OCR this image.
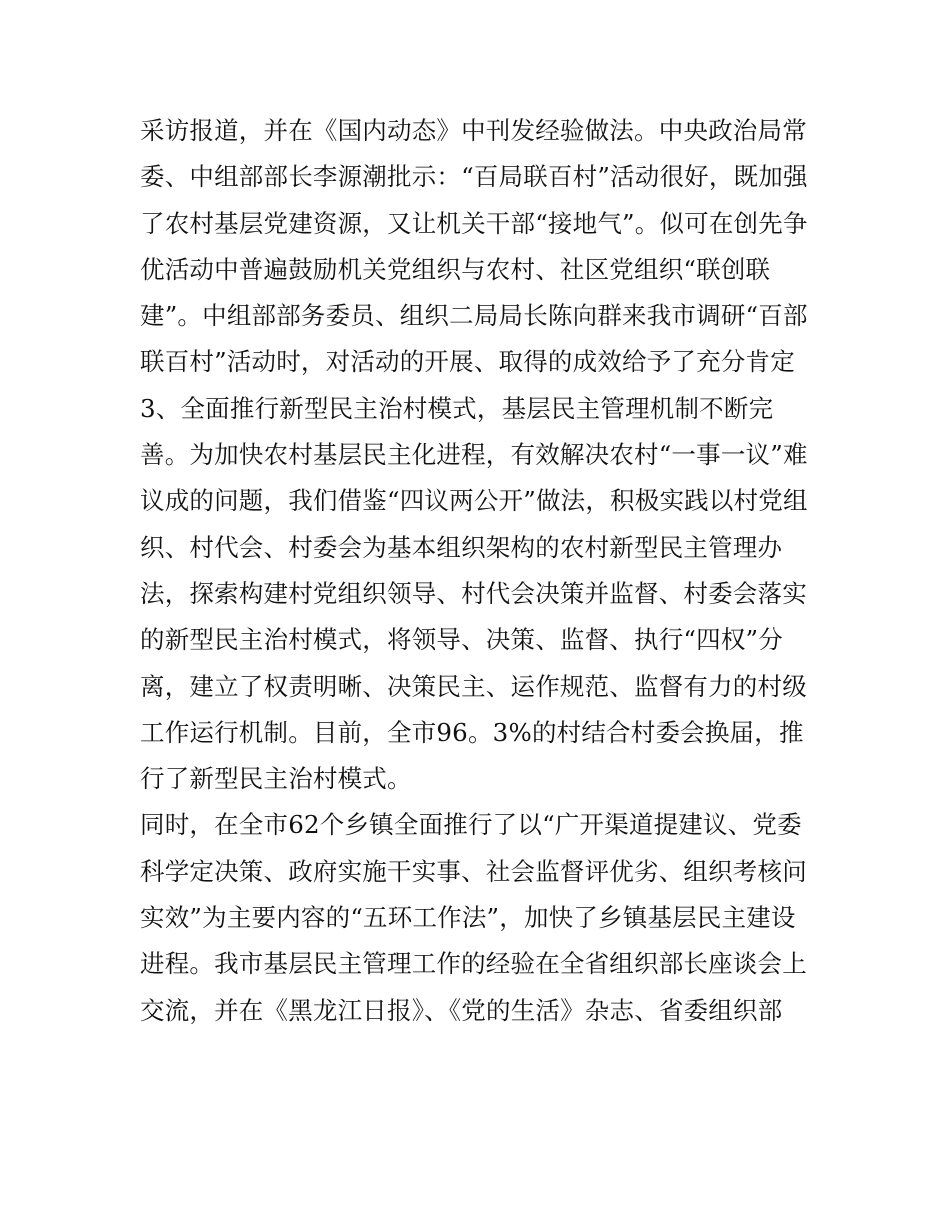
采访报道，并在《国内动态》中刊发经验做法。中央政治局常
委、中组部部长李源潮批示：“百局联百村”活动很好，既加强
了农村基层党建资源，又让机关干部“接地气”。似可在创先争
优活动中普遍鼓励机关党组织与农村、社区党组织“联创联
建”。中组部部务委员、组织二局局长陈向群来我市调研“百部
联百村”活动时，对活动的开展、取得的成效给予了充分肯定
3、全面推行新型民主治村模式，基层民主管理机制不断完
善。为加快农村基层民主化进程，有效解决农村“一事一议”难
议成的问题，我们借鉴“四议两公开”做法，积极实践以村党组
织、村代会、村委会为基本组织架构的农村新型民主管理办
法，探索构建村党组织领导、村代会决策并监督、村委会落实
的新型民主治村模式，将领导、决策、监督、执行“四权”分
离，建立了权责明晰、决策民主、运作规范、监督有力的村级
工作运行机制。目前，全市96。3%的村结合村委会换届，推
行了新型民主治村模式。
同时，在全市62个乡镇全面推行了以“广开渠道提建议、党委
科学定决策、政府实施干实事、社会监督评优劣、组织考核问
实效”为主要内容的“五环工作法”，加快了乡镇基层民主建设
进程。我市基层民主管理工作的经验在全省组织部长座谈会上
交流，并在《黑龙江日报》、《党的生活》杂志、省委组织部
